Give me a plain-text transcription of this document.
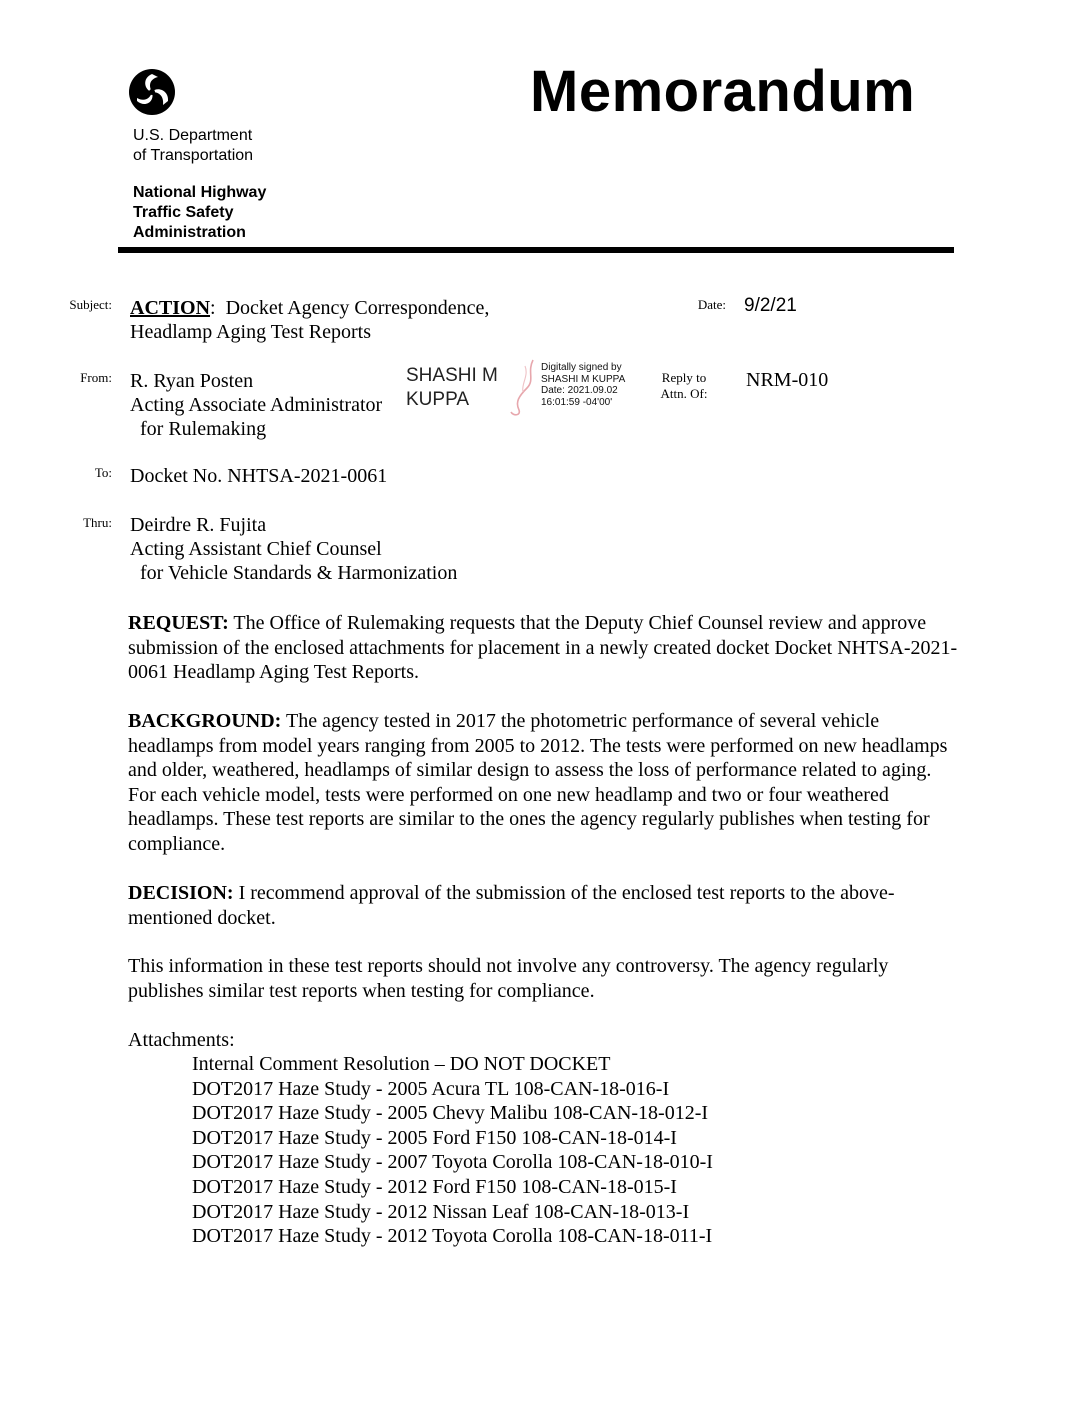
Memorandum
U.S. Department
of Transportation
National Highway
Traffic Safety
Administration
Subject: ACTION:  Docket Agency Correspondence,
Headlamp Aging Test Reports
Date: 9/2/21
From: R. Ryan Posten
Acting Associate Administrator
for Rulemaking
SHASHI M
KUPPA
Digitally signed by
SHASHI M KUPPA
Date: 2021.09.02
16:01:59 -04'00'
Reply to
Attn. Of:
NRM-010
To: Docket No. NHTSA-2021-0061
Thru: Deirdre R. Fujita
Acting Assistant Chief Counsel
for Vehicle Standards & Harmonization
REQUEST: The Office of Rulemaking requests that the Deputy Chief Counsel review and approve submission of the enclosed attachments for placement in a newly created docket Docket NHTSA-2021-0061 Headlamp Aging Test Reports.
BACKGROUND: The agency tested in 2017 the photometric performance of several vehicle headlamps from model years ranging from 2005 to 2012. The tests were performed on new headlamps and older, weathered, headlamps of similar design to assess the loss of performance related to aging. For each vehicle model, tests were performed on one new headlamp and two or four weathered headlamps. These test reports are similar to the ones the agency regularly publishes when testing for compliance.
DECISION: I recommend approval of the submission of the enclosed test reports to the above-mentioned docket.
This information in these test reports should not involve any controversy. The agency regularly publishes similar test reports when testing for compliance.
Attachments:
Internal Comment Resolution – DO NOT DOCKET
DOT2017 Haze Study - 2005 Acura TL 108-CAN-18-016-I
DOT2017 Haze Study - 2005 Chevy Malibu 108-CAN-18-012-I
DOT2017 Haze Study - 2005 Ford F150 108-CAN-18-014-I
DOT2017 Haze Study - 2007 Toyota Corolla 108-CAN-18-010-I
DOT2017 Haze Study - 2012 Ford F150 108-CAN-18-015-I
DOT2017 Haze Study - 2012 Nissan Leaf 108-CAN-18-013-I
DOT2017 Haze Study - 2012 Toyota Corolla 108-CAN-18-011-I
